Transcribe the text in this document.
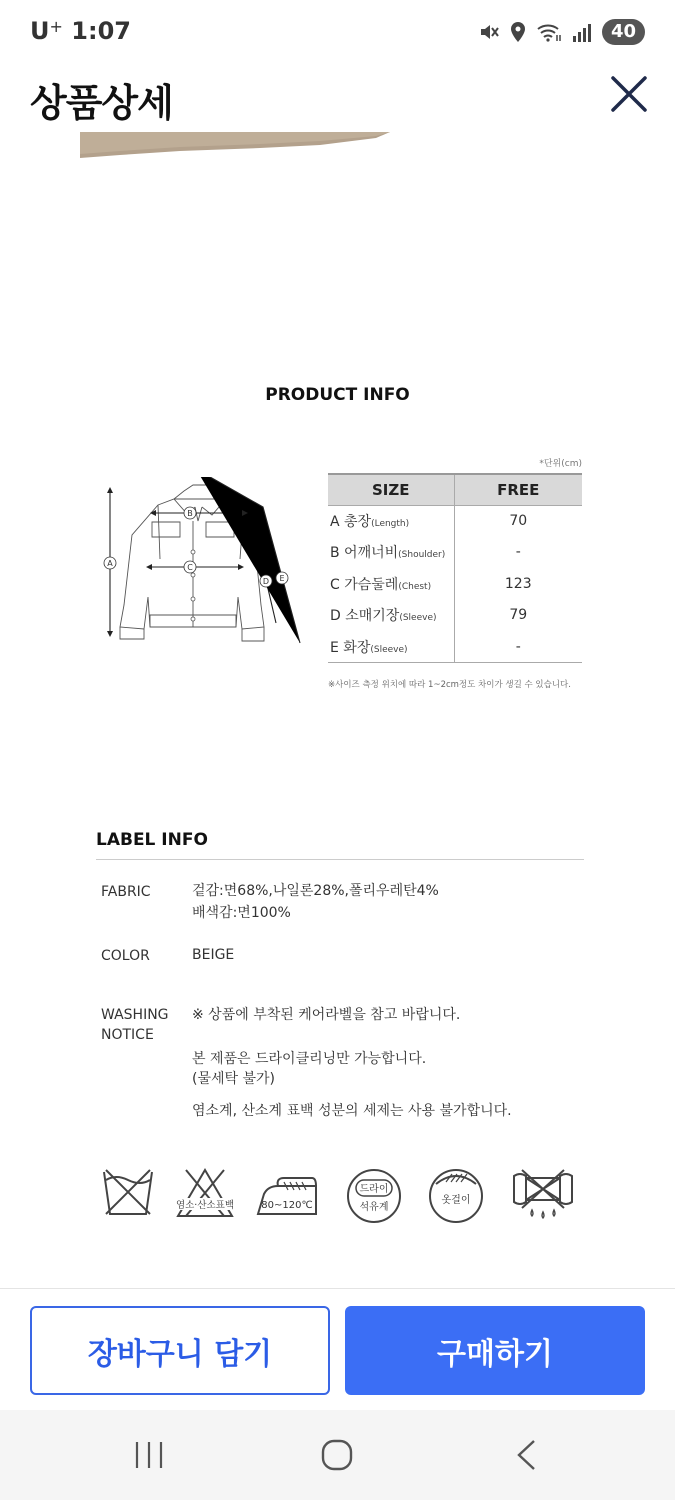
U+ 1:07	40
상품상세
PRODUCT INFO
*단위(cm)
A
B
C
D E
SIZE	FREE
A 총장(Length)	70
B 어깨너비(Shoulder)	-
C 가슴둘레(Chest)	123
D 소매기장(Sleeve)	79
E 화장(Sleeve)	-
※사이즈 측정 위치에 따라 1~2cm정도 차이가 생길 수 있습니다.
LABEL INFO
FABRIC	겉감:면68%,나일론28%,폴리우레탄4%
배색감:면100%
COLOR	BEIGE
WASHING
NOTICE
※ 상품에 부착된 케어라벨을 참고 바랍니다.
본 제품은 드라이클리닝만 가능합니다.
(물세탁 불가)
염소계, 산소계 표백 성분의 세제는 사용 불가합니다.
염소·산소표백	80~120℃
드라이
석유계
옷걸이
장바구니 담기	구매하기
